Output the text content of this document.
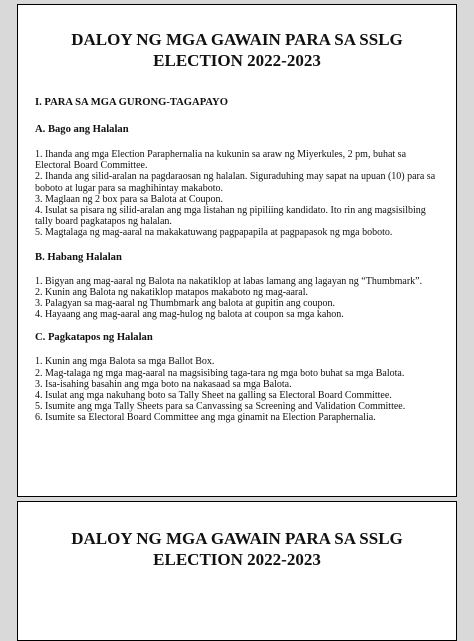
DALOY NG MGA GAWAIN PARA SA SSLG
ELECTION 2022-2023
I. PARA SA MGA GURONG-TAGAPAYO
A. Bago ang Halalan
1. Ihanda ang mga Election Paraphernalia na kukunin sa araw ng Miyerkules, 2 pm, buhat sa Electoral Board Committee.
2. Ihanda ang silid-aralan na pagdaraosan ng halalan. Siguraduhing may sapat na upuan (10) para sa boboto at lugar para sa maghihintay makaboto.
3. Maglaan ng 2 box para sa Balota at Coupon.
4. Isulat sa pisara ng silid-aralan ang mga listahan ng pipiliing kandidato. Ito rin ang magsisilbing tally board pagkatapos ng halalan.
5. Magtalaga ng mag-aaral na makakatuwang pagpapapila at pagpapasok ng mga boboto.
B. Habang Halalan
1. Bigyan ang mag-aaral ng Balota na nakatiklop at labas lamang ang lagayan ng “Thumbmark”.
2. Kunin ang Balota ng nakatiklop matapos makaboto ng mag-aaral.
3. Palagyan sa mag-aaral ng Thumbmark ang balota at gupitin ang coupon.
4. Hayaang ang mag-aaral ang mag-hulog ng balota at coupon sa mga kahon.
C. Pagkatapos ng Halalan
1. Kunin ang mga Balota sa mga Ballot Box.
2. Mag-talaga ng mga mag-aaral na magsisibing taga-tara ng mga boto buhat sa mga Balota.
3. Isa-isahing basahin ang mga boto na nakasaad sa mga Balota.
4. Isulat ang mga nakuhang boto sa Tally Sheet na galling sa Electoral Board Committee.
5. Isumite ang mga Tally Sheets para sa Canvassing sa Screening and Validation Committee.
6. Isumite sa Electoral Board Committee ang mga ginamit na Election Paraphernalia.
DALOY NG MGA GAWAIN PARA SA SSLG
ELECTION 2022-2023
